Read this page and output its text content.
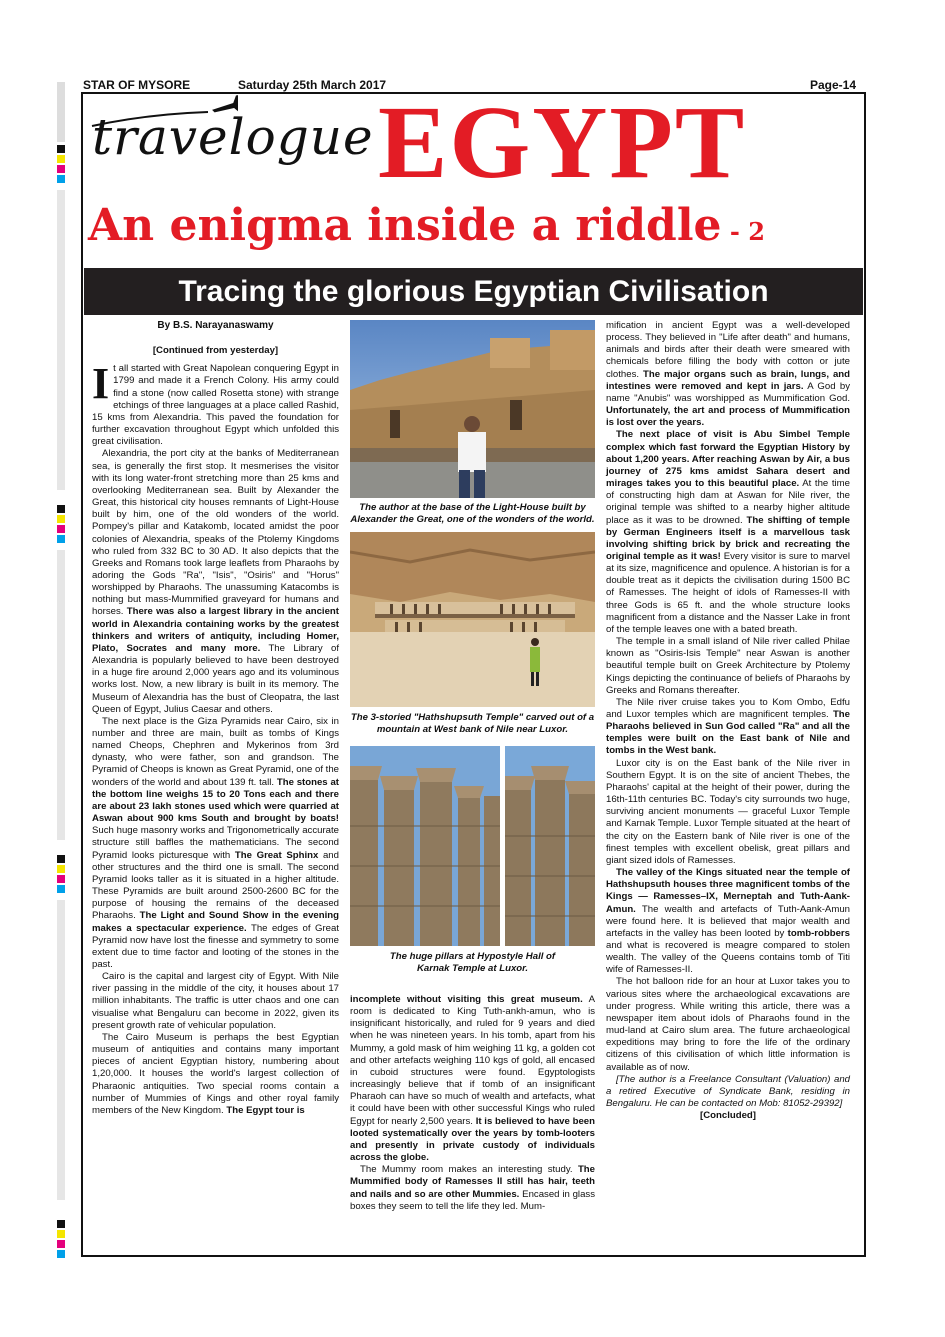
STAR OF MYSORE	Saturday 25th March 2017	Page-14
travelogue EGYPT
An enigma inside a riddle - 2
Tracing the glorious Egyptian Civilisation
By B.S. Narayanaswamy
[Continued from yesterday]

It all started with Great Napolean conquering Egypt in 1799 and made it a French Colony. His army could find a stone (now called Rosetta stone) with strange etchings of three languages at a place called Rashid, 15 kms from Alexandria. This paved the foundation for further excavation throughout Egypt which unfolded this great civilisation.

Alexandria, the port city at the banks of Mediterranean sea, is generally the first stop. It mesmerises the visitor with its long water-front stretching more than 25 kms and overlooking Mediterranean sea. Built by Alexander the Great, this historical city houses remnants of Light-House built by him, one of the old wonders of the world. Pompey's pillar and Katakomb, located amidst the poor colonies of Alexandria, speaks of the Ptolemy Kingdoms who ruled from 332 BC to 30 AD. It also depicts that the Greeks and Romans took large leaflets from Pharaohs by adoring the Gods "Ra", "Isis", "Osiris" and "Horus" worshipped by Pharaohs. The unassuming Katacombs is nothing but mass-Mummified graveyard for humans and horses. There was also a largest library in the ancient world in Alexandria containing works by the greatest thinkers and writers of antiquity, including Homer, Plato, Socrates and many more. The Library of Alexandria is popularly believed to have been destroyed in a huge fire around 2,000 years ago and its voluminous works lost. Now, a new library is built in its memory. The Museum of Alexandria has the bust of Cleopatra, the last Queen of Egypt, Julius Caesar and others.

The next place is the Giza Pyramids near Cairo, six in number and three are main, built as tombs of Kings named Cheops, Chephren and Mykerinos from 3rd dynasty, who were father, son and grandson. The Pyramid of Cheops is known as Great Pyramid, one of the wonders of the world and about 139 ft. tall. The stones at the bottom line weighs 15 to 20 Tons each and there are about 23 lakh stones used which were quarried at Aswan about 900 kms South and brought by boats! Such huge masonry works and Trigonometrically accurate structure still baffles the mathematicians. The second Pyramid looks picturesque with The Great Sphinx and other structures and the third one is small. The second Pyramid looks taller as it is situated in a higher altitude. These Pyramids are built around 2500-2600 BC for the purpose of housing the remains of the deceased Pharaohs. The Light and Sound Show in the evening makes a spectacular experience. The edges of Great Pyramid now have lost the finesse and symmetry to some extent due to time factor and looting of the stones in the past.

Cairo is the capital and largest city of Egypt. With Nile river passing in the middle of the city, it houses about 17 million inhabitants. The traffic is utter chaos and one can visualise what Bengaluru can become in 2022, given its present growth rate of vehicular population.

The Cairo Museum is perhaps the best Egyptian museum of antiquities and contains many important pieces of ancient Egyptian history, numbering about 1,20,000. It houses the world's largest collection of Pharaonic antiquities. Two special rooms contain a number of Mummies of Kings and other royal family members of the New Kingdom. The Egypt tour is

The author at the base of the Light-House built by Alexander the Great, one of the wonders of the world.
The 3-storied "Hathshupsuth Temple" carved out of a mountain at West bank of Nile near Luxor.
The huge pillars at Hypostyle Hall of Karnak Temple at Luxor.

incomplete without visiting this great museum. A room is dedicated to King Tuth-ankh-amun, who is insignificant historically, and ruled for 9 years and died when he was nineteen years. In his tomb, apart from his Mummy, a gold mask of him weighing 11 kg, a golden cot and other artefacts weighing 110 kgs of gold, all encased in cuboid structures were found. Egyptologists increasingly believe that if tomb of an insignificant Pharaoh can have so much of wealth and artefacts, what it could have been with other successful Kings who ruled Egypt for nearly 2,500 years. It is believed to have been looted systematically over the years by tomb-looters and presently in private custody of individuals across the globe.

The Mummy room makes an interesting study. The Mummified body of Ramesses II still has hair, teeth and nails and so are other Mummies. Encased in glass boxes they seem to tell the life they led. Mum-

mification in ancient Egypt was a well-developed process. They believed in "Life after death" and humans, animals and birds after their death were smeared with chemicals before filling the body with cotton or jute clothes. The major organs such as brain, lungs, and intestines were removed and kept in jars. A God by name "Anubis" was worshipped as Mummification God. Unfortunately, the art and process of Mummification is lost over the years.

The next place of visit is Abu Simbel Temple complex which fast forward the Egyptian History by about 1,200 years. After reaching Aswan by Air, a bus journey of 275 kms amidst Sahara desert and mirages takes you to this beautiful place. At the time of constructing high dam at Aswan for Nile river, the original temple was shifted to a nearby higher altitude place as it was to be drowned. The shifting of temple by German Engineers itself is a marvellous task involving shifting brick by brick and recreating the original temple as it was! Every visitor is sure to marvel at its size, magnificence and opulence. A historian is for a double treat as it depicts the civilisation during 1500 BC of Ramesses. The height of idols of Ramesses-II with three Gods is 65 ft. and the whole structure looks magnificent from a distance and the Nasser Lake in front of the temple leaves one with a bated breath.

The temple in a small island of Nile river called Philae known as "Osiris-Isis Temple" near Aswan is another beautiful temple built on Greek Architecture by Ptolemy Kings depicting the continuance of beliefs of Pharaohs by Greeks and Romans thereafter.

The Nile river cruise takes you to Kom Ombo, Edfu and Luxor temples which are magnificent temples. The Pharaohs believed in Sun God called "Ra" and all the temples were built on the East bank of Nile and tombs in the West bank.

Luxor city is on the East bank of the Nile river in Southern Egypt. It is on the site of ancient Thebes, the Pharaohs' capital at the height of their power, during the 16th-11th centuries BC. Today's city surrounds two huge, surviving ancient monuments — graceful Luxor Temple and Karnak Temple. Luxor Temple situated at the heart of the city on the Eastern bank of Nile river is one of the finest temples with excellent obelisk, great pillars and giant sized idols of Ramesses.

The valley of the Kings situated near the temple of Hathshupsuth houses three magnificent tombs of the Kings — Ramesses–IX, Merneptah and Tuth-Aank-Amun. The wealth and artefacts of Tuth-Aank-Amun were found here. It is believed that major wealth and artefacts in the valley has been looted by tomb-robbers and what is recovered is meagre compared to stolen wealth. The valley of the Queens contains tomb of Titi wife of Ramesses-II.

The hot balloon ride for an hour at Luxor takes you to various sites where the archaeological excavations are under progress. While writing this article, there was a newspaper item about idols of Pharaohs found in the mud-land at Cairo slum area. The future archaeological expeditions may bring to fore the life of the ordinary citizens of this civilisation of which little information is available as of now.

[The author is a Freelance Consultant (Valuation) and a retired Executive of Syndicate Bank, residing in Bengaluru. He can be contacted on Mob: 81052-29392]

[Concluded]
